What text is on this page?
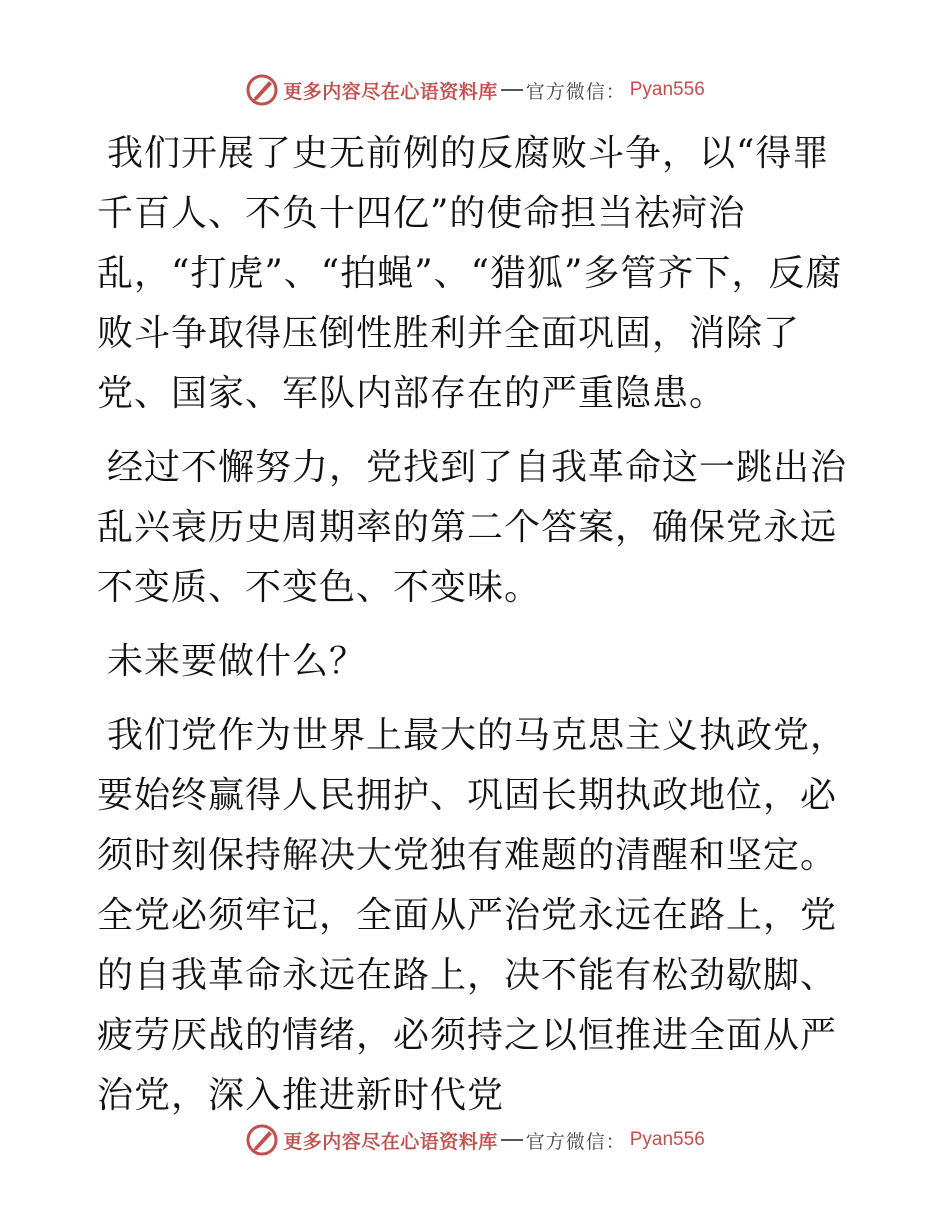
更多内容尽在心语资料库 官方微信： Pyan556

我们开展了史无前例的反腐败斗争，以“得罪千百人、不负十四亿”的使命担当祛疴治乱，“打虎”、“拍蝇”、“猎狐”多管齐下，反腐败斗争取得压倒性胜利并全面巩固，消除了党、国家、军队内部存在的严重隐患。

经过不懈努力，党找到了自我革命这一跳出治乱兴衰历史周期率的第二个答案，确保党永远不变质、不变色、不变味。

未来要做什么？

我们党作为世界上最大的马克思主义执政党，要始终赢得人民拥护、巩固长期执政地位，必须时刻保持解决大党独有难题的清醒和坚定。全党必须牢记，全面从严治党永远在路上，党的自我革命永远在路上，决不能有松劲歇脚、疲劳厌战的情绪，必须持之以恒推进全面从严治党，深入推进新时代党

更多内容尽在心语资料库 官方微信： Pyan556
